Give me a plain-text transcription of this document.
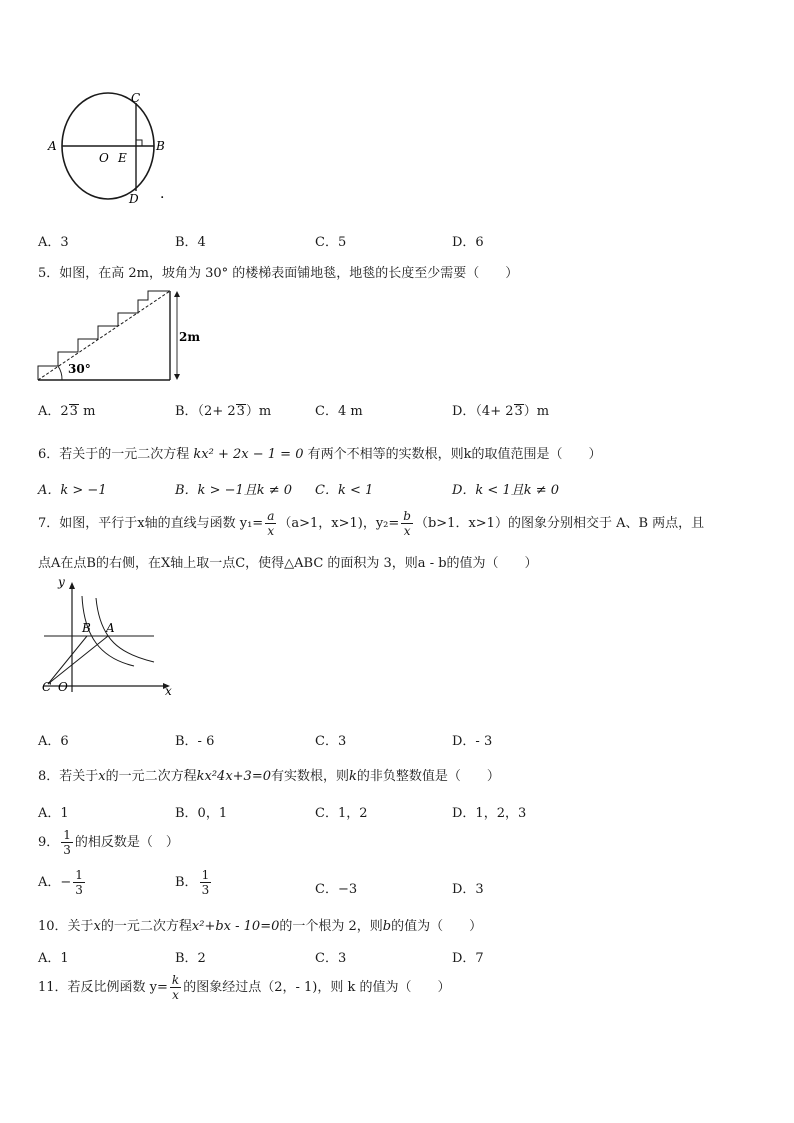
A	B
C
D
O E
·
A．3	B．4	C．5	D．6
5．如图，在高 2m，坡角为 30° 的楼梯表面铺地毯，地毯的长度至少需要（　　）
2m
30°
A．23 m	B．（2+ 23）m	C．4 m	D．（4+ 23）m
6．若关于的一元二次方程 kx² + 2x − 1 = 0 有两个不相等的实数根，则k的取值范围是（　　）
A．k > −1	B．k > −1且k ≠ 0 C．k < 1	D．k < 1且k ≠ 0
7．如图，平行于x轴的直线与函数 $y_1= \frac{a}{x} (a>1$，x>1)，$y_2= \frac{b}{x} (b>1$．x>1）的图象分别相交于 A、B 两点，且
点A在点B的右侧，在X轴上取一点C，使得△ABC 的面积为 3，则a - b的值为（　　）
y
x
B A
C O
A．6	B．- 6	C．3	D．- 3
8．若关于x的一元二次方程kx²4x+3=0有实数根，则k的非负整数值是（　　）
A．1	B．0，1	C．1，2	D．1，2，3
9． $\frac{1}{3}$ 的相反数是（　）
A．− $\frac{1}{3}$	B． $\frac{1}{3}$	C．−3	D．3
10．关于x的一元二次方程x²+bx - 10=0的一个根为 2，则b的值为（　　）
A．1	B．2	C．3	D．7
11．若反比例函数 $y= \frac{k}{x}$ 的图象经过点（2，- 1)，则 k 的值为（　　）
